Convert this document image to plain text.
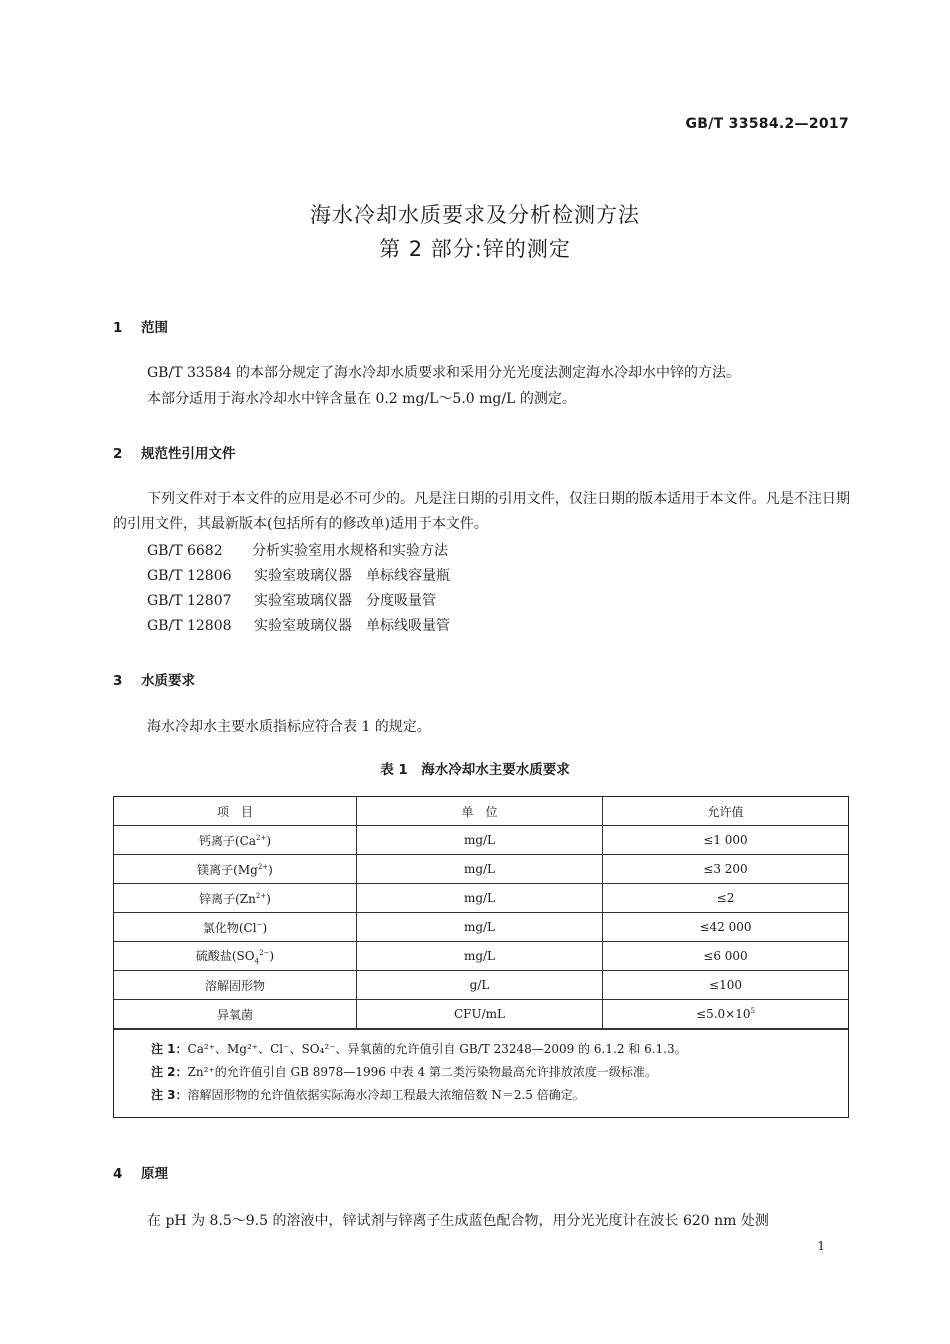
GB/T 33584.2—2017
海水冷却水质要求及分析检测方法
第 2 部分:锌的测定
1 范围
GB/T 33584 的本部分规定了海水冷却水质要求和采用分光光度法测定海水冷却水中锌的方法。
本部分适用于海水冷却水中锌含量在 0.2 mg/L～5.0 mg/L 的测定。
2 规范性引用文件
下列文件对于本文件的应用是必不可少的。凡是注日期的引用文件，仅注日期的版本适用于本文件。凡是不注日期的引用文件，其最新版本(包括所有的修改单)适用于本文件。
GB/T 6682 分析实验室用水规格和实验方法
GB/T 12806 实验室玻璃仪器　单标线容量瓶
GB/T 12807 实验室玻璃仪器　分度吸量管
GB/T 12808 实验室玻璃仪器　单标线吸量管
3 水质要求
海水冷却水主要水质指标应符合表 1 的规定。
表 1　海水冷却水主要水质要求
项　目	单　位	允许值
钙离子$(Ca^{2+})$	mg/L	≤1 000
镁离子$(Mg^{2+})$	mg/L	≤3 200
锌离子$(Zn^{2+})$	mg/L	≤2
氯化物(Cl−)	mg/L	≤42 000
硫酸盐$(SO_4^{2-})$	mg/L	≤6 000
溶解固形物	g/L	≤100
异氧菌	CFU/mL	$\le 5.0\times 10^5$
注 1：Ca²⁺、Mg²⁺、Cl⁻、SO₄²⁻、异氧菌的允许值引自 GB/T 23248—2009 的 6.1.2 和 6.1.3。
注 2：Zn²⁺的允许值引自 GB 8978—1996 中表 4 第二类污染物最高允许排放浓度一级标准。
注 3：溶解固形物的允许值依据实际海水冷却工程最大浓缩倍数 N＝2.5 倍确定。
4 原理
在 pH 为 8.5～9.5 的溶液中，锌试剂与锌离子生成蓝色配合物，用分光光度计在波长 620 nm 处测
1
